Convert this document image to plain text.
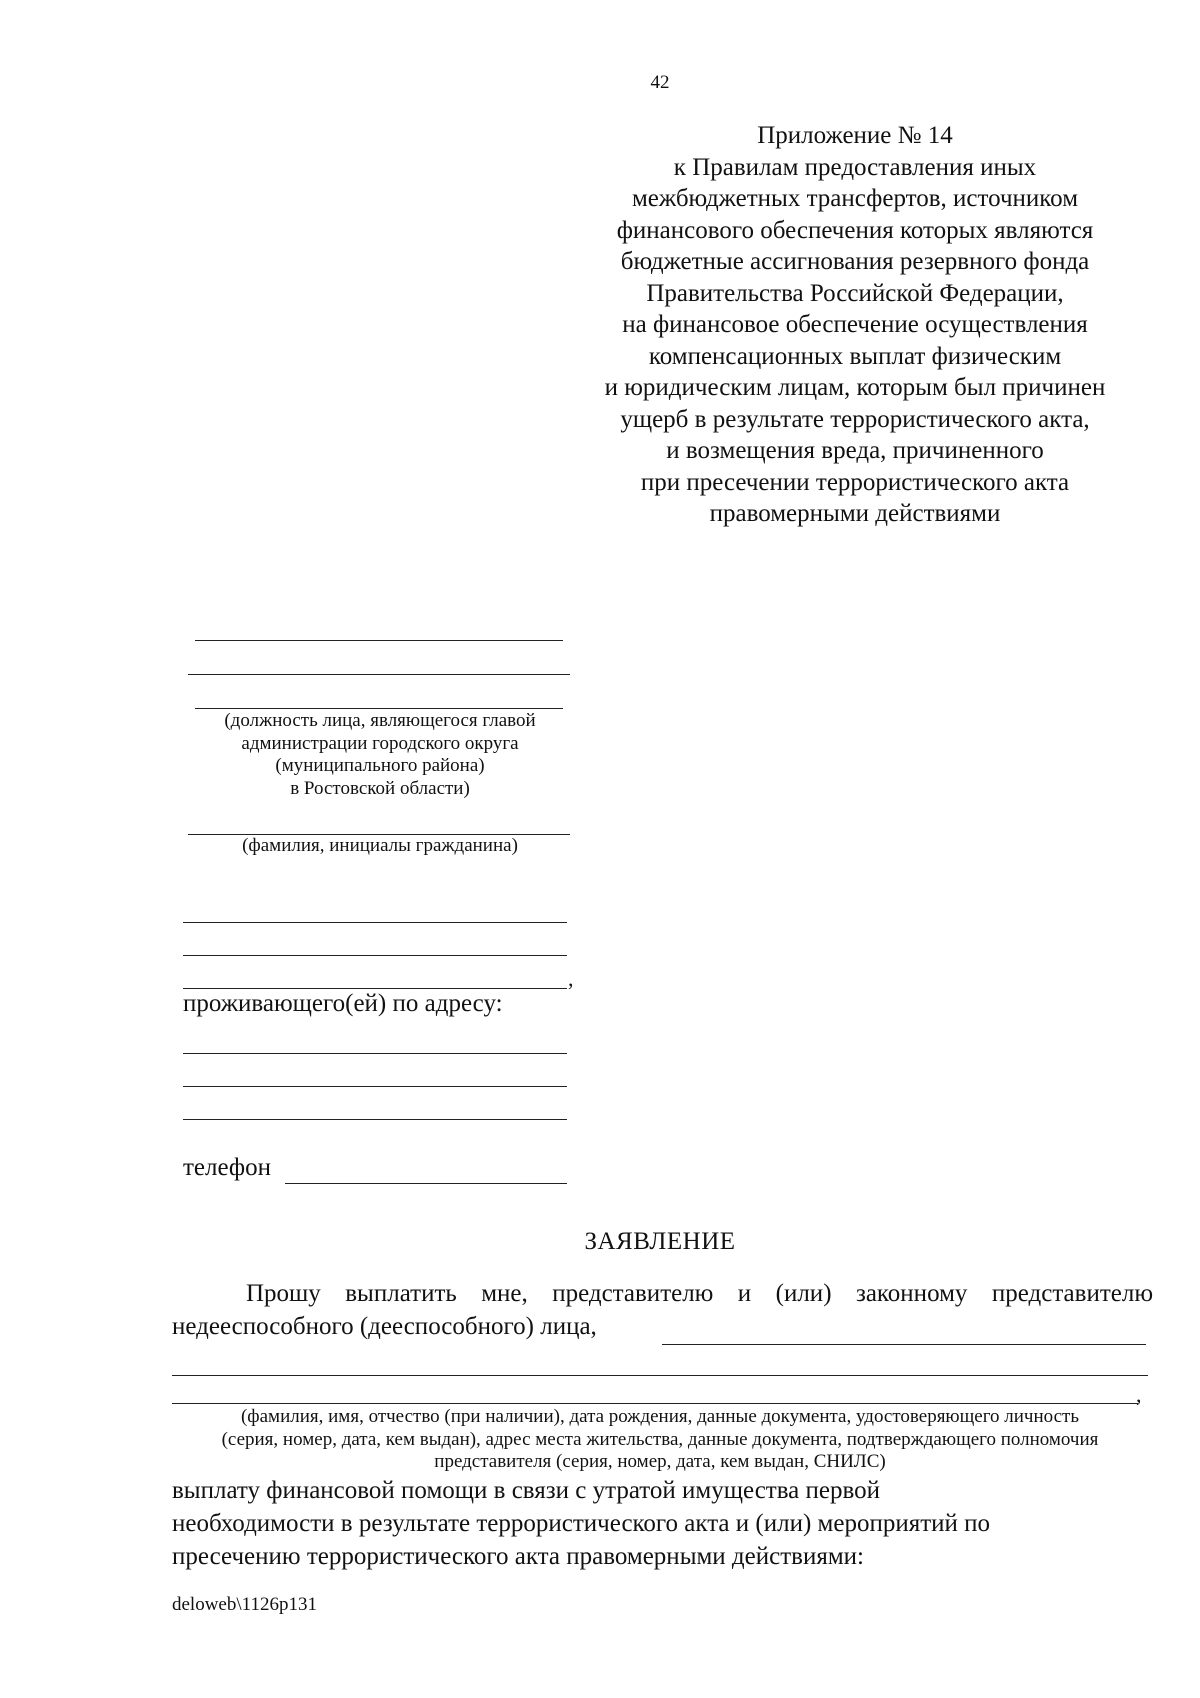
42
Приложение № 14
к Правилам предоставления иных
межбюджетных трансфертов, источником
финансового обеспечения которых являются
бюджетные ассигнования резервного фонда
Правительства Российской Федерации,
на финансовое обеспечение осуществления
компенсационных выплат физическим
и юридическим лицам, которым был причинен
ущерб в результате террористического акта,
и возмещения вреда, причиненного
при пресечении террористического акта
правомерными действиями
(должность лица, являющегося главой
администрации городского округа
(муниципального района)
в Ростовской области)
(фамилия, инициалы гражданина)
,
проживающего(ей) по адресу:
телефон
ЗАЯВЛЕНИЕ
Прошу выплатить мне, представителю и (или) законному представителю
недееспособного (дееспособного) лица,
,
(фамилия, имя, отчество (при наличии), дата рождения, данные документа, удостоверяющего личность
(серия, номер, дата, кем выдан), адрес места жительства, данные документа, подтверждающего полномочия
представителя (серия, номер, дата, кем выдан, СНИЛС)
выплату финансовой помощи в связи с утратой имущества первой
необходимости в результате террористического акта и (или) мероприятий по
пресечению террористического акта правомерными действиями:
deloweb\1126p131
